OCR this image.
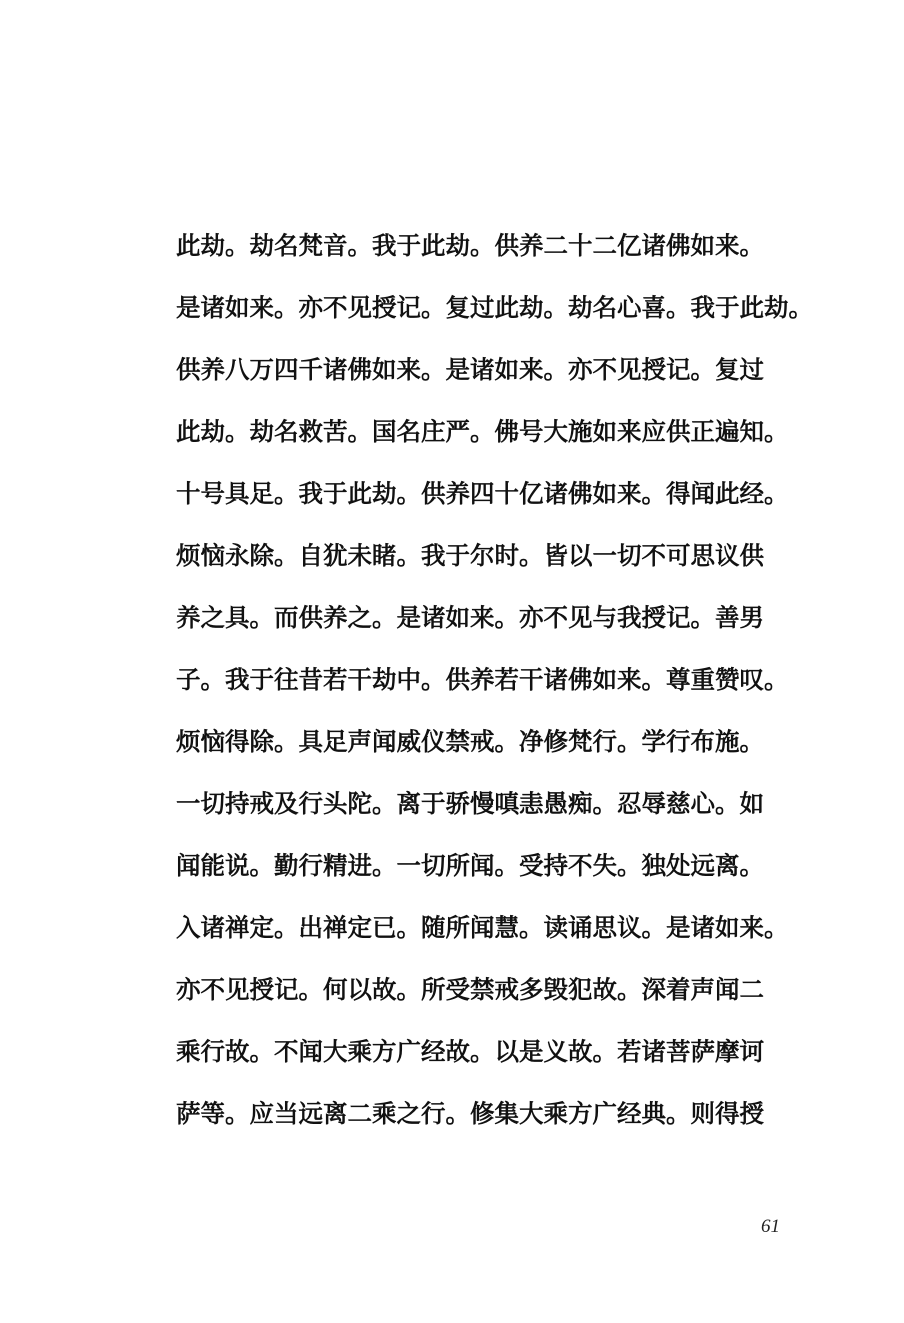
此劫。劫名梵音。我于此劫。供养二十二亿诸佛如来。
是诸如来。亦不见授记。复过此劫。劫名心喜。我于此劫。
供养八万四千诸佛如来。是诸如来。亦不见授记。复过
此劫。劫名救苦。国名庄严。佛号大施如来应供正遍知。
十号具足。我于此劫。供养四十亿诸佛如来。得闻此经。
烦恼永除。自犹未睹。我于尔时。皆以一切不可思议供
养之具。而供养之。是诸如来。亦不见与我授记。善男
子。我于往昔若干劫中。供养若干诸佛如来。尊重赞叹。
烦恼得除。具足声闻威仪禁戒。净修梵行。学行布施。
一切持戒及行头陀。离于骄慢嗔恚愚痴。忍辱慈心。如
闻能说。勤行精进。一切所闻。受持不失。独处远离。
入诸禅定。出禅定已。随所闻慧。读诵思议。是诸如来。
亦不见授记。何以故。所受禁戒多毁犯故。深着声闻二
乘行故。不闻大乘方广经故。以是义故。若诸菩萨摩诃
萨等。应当远离二乘之行。修集大乘方广经典。则得授
61
